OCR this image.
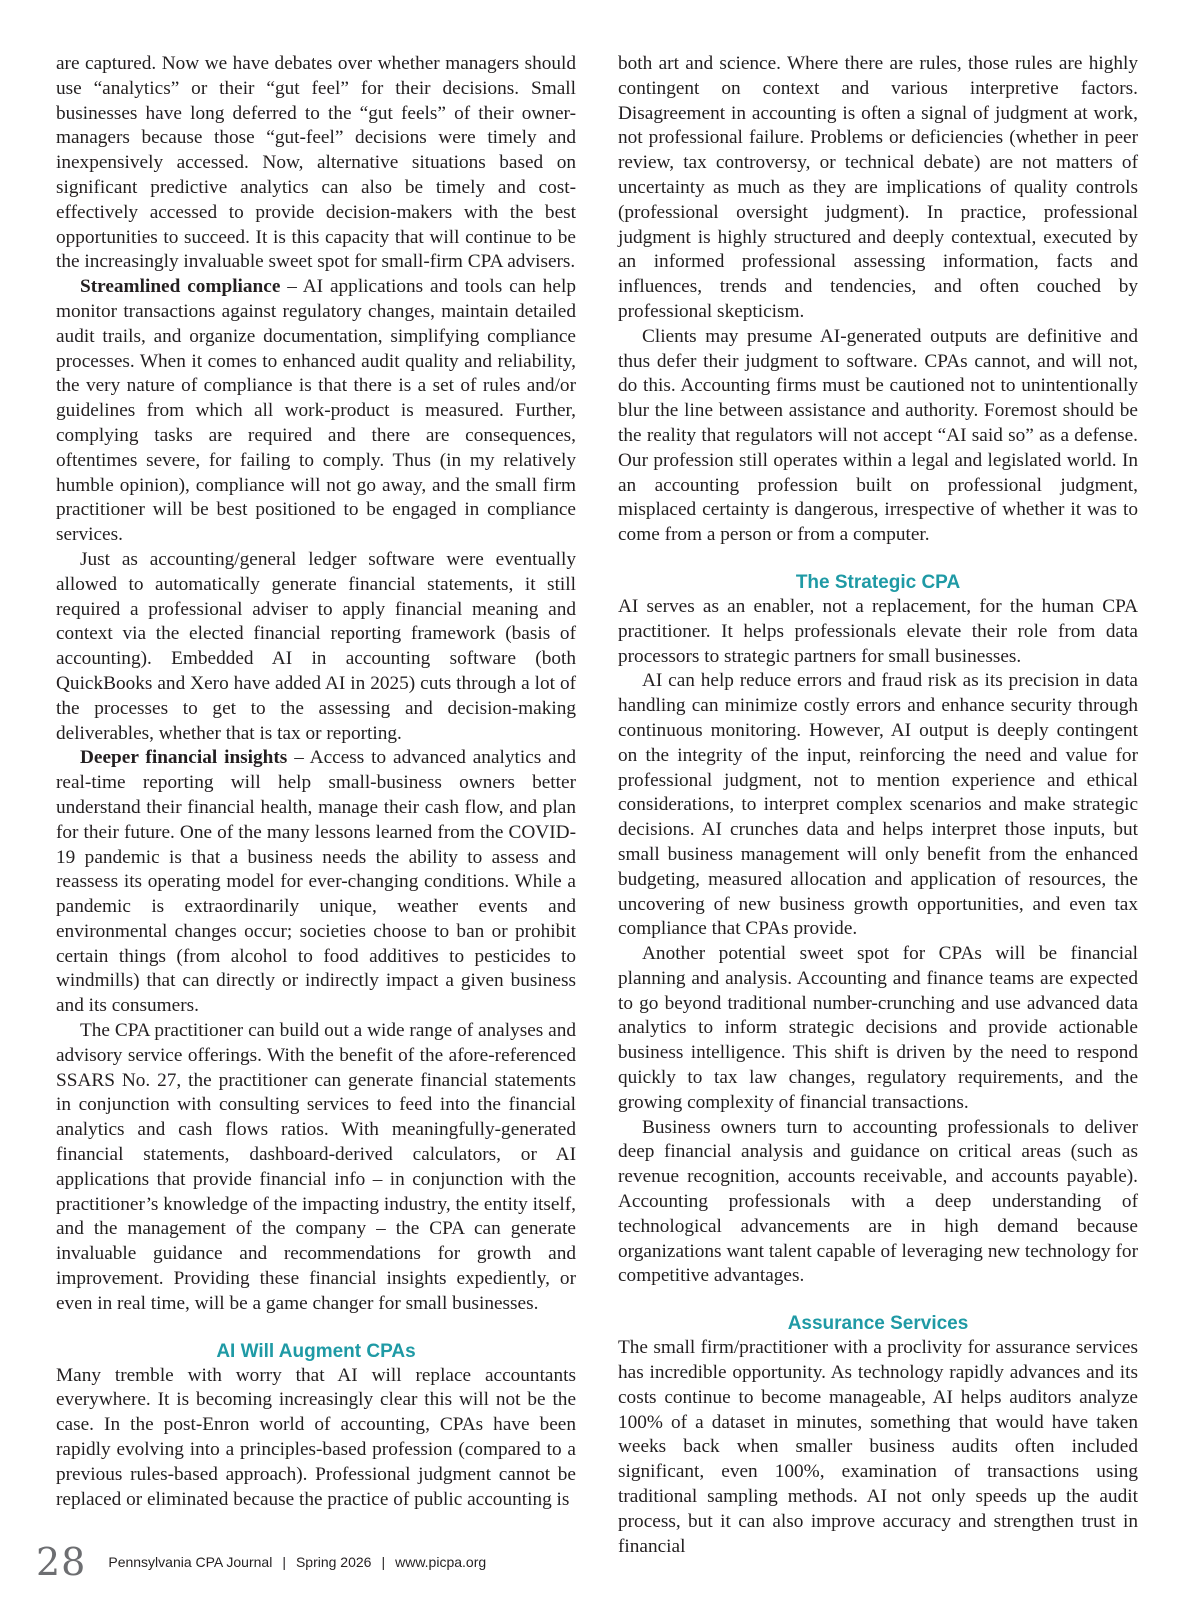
are captured. Now we have debates over whether managers should use “analytics” or their “gut feel” for their decisions. Small businesses have long deferred to the “gut feels” of their owner-managers because those “gut-feel” decisions were timely and inexpensively accessed. Now, alternative situations based on significant predictive analytics can also be timely and cost-effectively accessed to provide decision-makers with the best opportunities to succeed. It is this capacity that will continue to be the increasingly invaluable sweet spot for small-firm CPA advisers.

Streamlined compliance – AI applications and tools can help monitor transactions against regulatory changes, maintain detailed audit trails, and organize documentation, simplifying compliance processes. When it comes to enhanced audit quality and reliability, the very nature of compliance is that there is a set of rules and/or guidelines from which all work-product is measured. Further, complying tasks are required and there are consequences, oftentimes severe, for failing to comply. Thus (in my relatively humble opinion), compliance will not go away, and the small firm practitioner will be best positioned to be engaged in compliance services.

Just as accounting/general ledger software were eventually allowed to automatically generate financial statements, it still required a professional adviser to apply financial meaning and context via the elected financial reporting framework (basis of accounting). Embedded AI in accounting software (both QuickBooks and Xero have added AI in 2025) cuts through a lot of the processes to get to the assessing and decision-making deliverables, whether that is tax or reporting.

Deeper financial insights – Access to advanced analytics and real-time reporting will help small-business owners better understand their financial health, manage their cash flow, and plan for their future. One of the many lessons learned from the COVID-19 pandemic is that a business needs the ability to assess and reassess its operating model for ever-changing conditions. While a pandemic is extraordinarily unique, weather events and environmental changes occur; societies choose to ban or prohibit certain things (from alcohol to food additives to pesticides to windmills) that can directly or indirectly impact a given business and its consumers.

The CPA practitioner can build out a wide range of analyses and advisory service offerings. With the benefit of the afore-referenced SSARS No. 27, the practitioner can generate financial statements in conjunction with consulting services to feed into the financial analytics and cash flows ratios. With meaningfully-generated financial statements, dashboard-derived calculators, or AI applications that provide financial info – in conjunction with the practitioner’s knowledge of the impacting industry, the entity itself, and the management of the company – the CPA can generate invaluable guidance and recommendations for growth and improvement. Providing these financial insights expediently, or even in real time, will be a game changer for small businesses.

AI Will Augment CPAs

Many tremble with worry that AI will replace accountants everywhere. It is becoming increasingly clear this will not be the case. In the post-Enron world of accounting, CPAs have been rapidly evolving into a principles-based profession (compared to a previous rules-based approach). Professional judgment cannot be replaced or eliminated because the practice of public accounting is

both art and science. Where there are rules, those rules are highly contingent on context and various interpretive factors. Disagreement in accounting is often a signal of judgment at work, not professional failure. Problems or deficiencies (whether in peer review, tax controversy, or technical debate) are not matters of uncertainty as much as they are implications of quality controls (professional oversight judgment). In practice, professional judgment is highly structured and deeply contextual, executed by an informed professional assessing information, facts and influences, trends and tendencies, and often couched by professional skepticism.

Clients may presume AI-generated outputs are definitive and thus defer their judgment to software. CPAs cannot, and will not, do this. Accounting firms must be cautioned not to unintentionally blur the line between assistance and authority. Foremost should be the reality that regulators will not accept “AI said so” as a defense. Our profession still operates within a legal and legislated world. In an accounting profession built on professional judgment, misplaced certainty is dangerous, irrespective of whether it was to come from a person or from a computer.

The Strategic CPA

AI serves as an enabler, not a replacement, for the human CPA practitioner. It helps professionals elevate their role from data processors to strategic partners for small businesses.

AI can help reduce errors and fraud risk as its precision in data handling can minimize costly errors and enhance security through continuous monitoring. However, AI output is deeply contingent on the integrity of the input, reinforcing the need and value for professional judgment, not to mention experience and ethical considerations, to interpret complex scenarios and make strategic decisions. AI crunches data and helps interpret those inputs, but small business management will only benefit from the enhanced budgeting, measured allocation and application of resources, the uncovering of new business growth opportunities, and even tax compliance that CPAs provide.

Another potential sweet spot for CPAs will be financial planning and analysis. Accounting and finance teams are expected to go beyond traditional number-crunching and use advanced data analytics to inform strategic decisions and provide actionable business intelligence. This shift is driven by the need to respond quickly to tax law changes, regulatory requirements, and the growing complexity of financial transactions.

Business owners turn to accounting professionals to deliver deep financial analysis and guidance on critical areas (such as revenue recognition, accounts receivable, and accounts payable). Accounting professionals with a deep understanding of technological advancements are in high demand because organizations want talent capable of leveraging new technology for competitive advantages.

Assurance Services

The small firm/practitioner with a proclivity for assurance services has incredible opportunity. As technology rapidly advances and its costs continue to become manageable, AI helps auditors analyze 100% of a dataset in minutes, something that would have taken weeks back when smaller business audits often included significant, even 100%, examination of transactions using traditional sampling methods. AI not only speeds up the audit process, but it can also improve accuracy and strengthen trust in financial

28 Pennsylvania CPA Journal | Spring 2026 | www.picpa.org
